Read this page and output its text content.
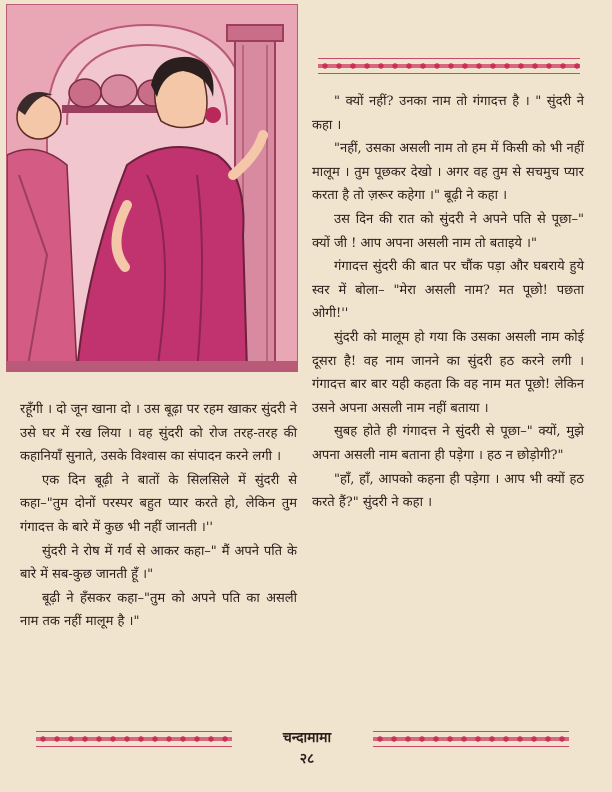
रहूँगी । दो जून खाना दो । उस बूढ़ा पर रहम खाकर सुंदरी ने उसे घर में रख लिया । वह सुंदरी को रोज तरह-तरह की कहानियाँ सुनाते, उसके विश्वास का संपादन करने लगी ।

एक दिन बूढ़ी ने बातों के सिलसिले में सुंदरी से कहा–"तुम दोनों परस्पर बहुत प्यार करते हो, लेकिन तुम गंगादत्त के बारे में कुछ भी नहीं जानती ।''

सुंदरी ने रोष में गर्व से आकर कहा–" मैं अपने पति के बारे में सब-कुछ जानती हूँ ।"

बूढ़ी ने हँसकर कहा–"तुम को अपने पति का असली नाम तक नहीं मालूम है ।"

" क्यों नहीं? उनका नाम तो गंगादत्त है । " सुंदरी ने कहा ।

"नहीं, उसका असली नाम तो हम में किसी को भी नहीं मालूम । तुम पूछकर देखो । अगर वह तुम से सचमुच प्यार करता है तो ज़रूर कहेगा ।" बूढ़ी ने कहा ।

उस दिन की रात को सुंदरी ने अपने पति से पूछा–" क्यों जी ! आप अपना असली नाम तो बताइये ।"

गंगादत्त सुंदरी की बात पर चौंक पड़ा और घबराये हुये स्वर में बोला– "मेरा असली नाम? मत पूछो! पछता ओगी!''

सुंदरी को मालूम हो गया कि उसका असली नाम कोई दूसरा है! वह नाम जानने का सुंदरी हठ करने लगी । गंगादत्त बार बार यही कहता कि वह नाम मत पूछो! लेकिन उसने अपना असली नाम नहीं बताया ।

सुबह होते ही गंगादत्त ने सुंदरी से पूछा–" क्यों, मुझे अपना असली नाम बताना ही पड़ेगा । हठ न छोड़ोगी?"

"हाँ, हाँ, आपको कहना ही पड़ेगा । आप भी क्यों हठ करते हैं?" सुंदरी ने कहा ।

चन्दामामा
२८
